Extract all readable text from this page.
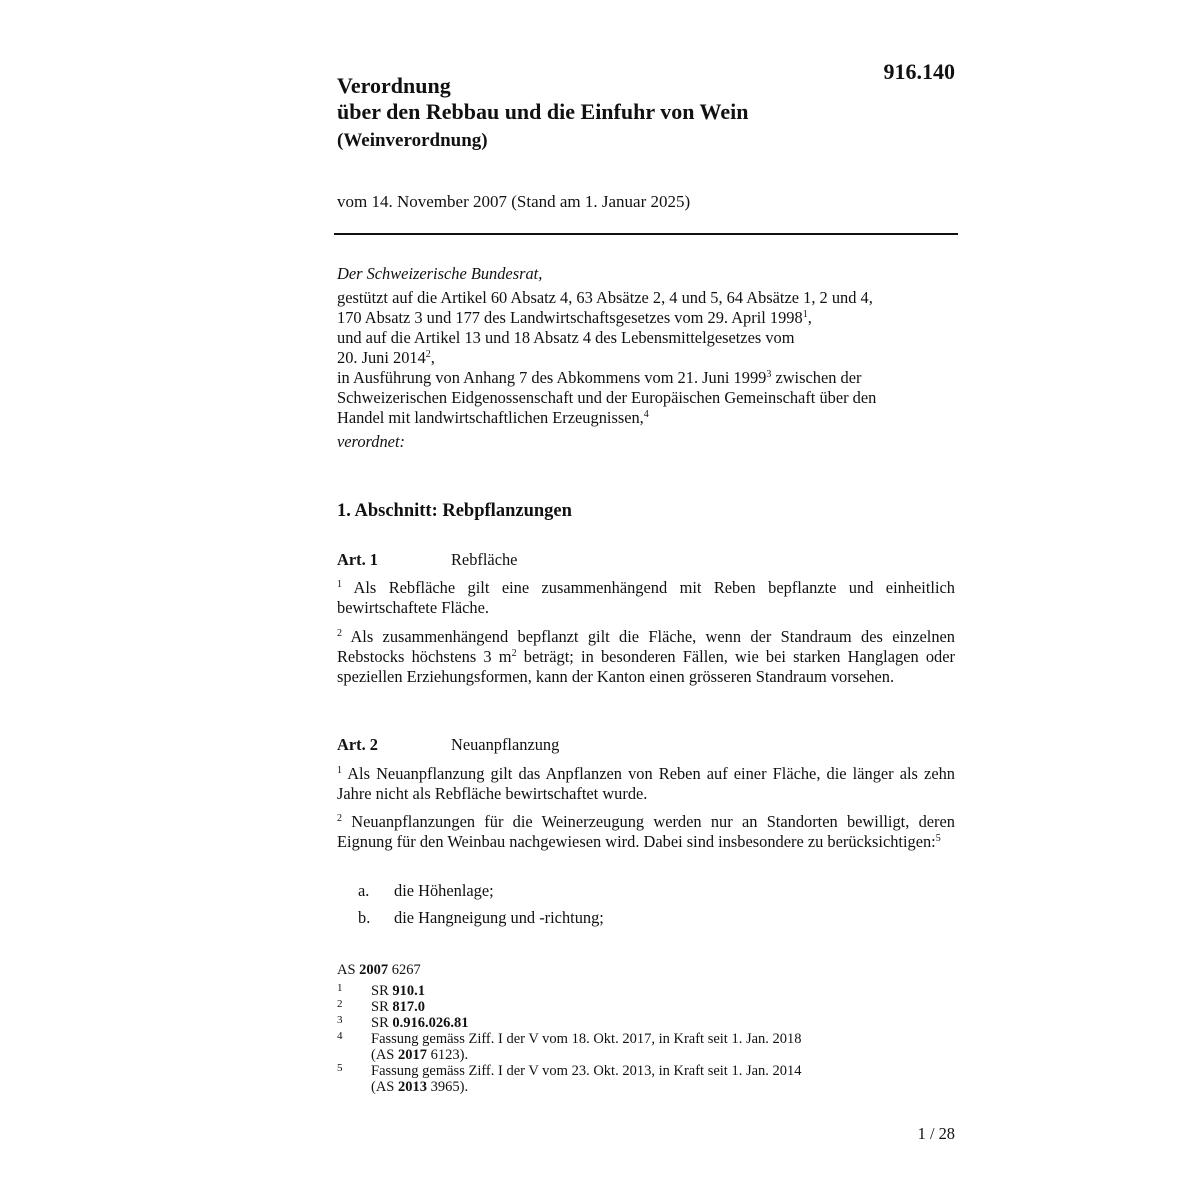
916.140
Verordnung
über den Rebbau und die Einfuhr von Wein
(Weinverordnung)
vom 14. November 2007 (Stand am 1. Januar 2025)
Der Schweizerische Bundesrat,
gestützt auf die Artikel 60 Absatz 4, 63 Absätze 2, 4 und 5, 64 Absätze 1, 2 und 4,
170 Absatz 3 und 177 des Landwirtschaftsgesetzes vom 29. April 1998$^1$,
und auf die Artikel 13 und 18 Absatz 4 des Lebensmittelgesetzes vom
20. Juni 2014$^2$,
in Ausführung von Anhang 7 des Abkommens vom 21. Juni 1999$^3$ zwischen der
Schweizerischen Eidgenossenschaft und der Europäischen Gemeinschaft über den
Handel mit landwirtschaftlichen Erzeugnissen,$^4$
verordnet:
1. Abschnitt: Rebpflanzungen
Art. 1	Rebfläche
$^1$ Als Rebfläche gilt eine zusammenhängend mit Reben bepflanzte und einheitlich bewirtschaftete Fläche.
$^2$ Als zusammenhängend bepflanzt gilt die Fläche, wenn der Standraum des einzelnen Rebstocks höchstens 3 $m^2$ beträgt; in besonderen Fällen, wie bei starken Hanglagen oder speziellen Erziehungsformen, kann der Kanton einen grösseren Standraum vorsehen.
Art. 2	Neuanpflanzung
$^1$ Als Neuanpflanzung gilt das Anpflanzen von Reben auf einer Fläche, die länger als zehn Jahre nicht als Rebfläche bewirtschaftet wurde.
$^2$ Neuanpflanzungen für die Weinerzeugung werden nur an Standorten bewilligt, deren Eignung für den Weinbau nachgewiesen wird. Dabei sind insbesondere zu berücksichtigen:$^5$
a. die Höhenlage;
b. die Hangneigung und -richtung;
AS 2007 6267
1 SR 910.1
2 SR 817.0
3 SR 0.916.026.81
4 Fassung gemäss Ziff. I der V vom 18. Okt. 2017, in Kraft seit 1. Jan. 2018
(AS 2017 6123).
5 Fassung gemäss Ziff. I der V vom 23. Okt. 2013, in Kraft seit 1. Jan. 2014
(AS 2013 3965).
1 / 28
